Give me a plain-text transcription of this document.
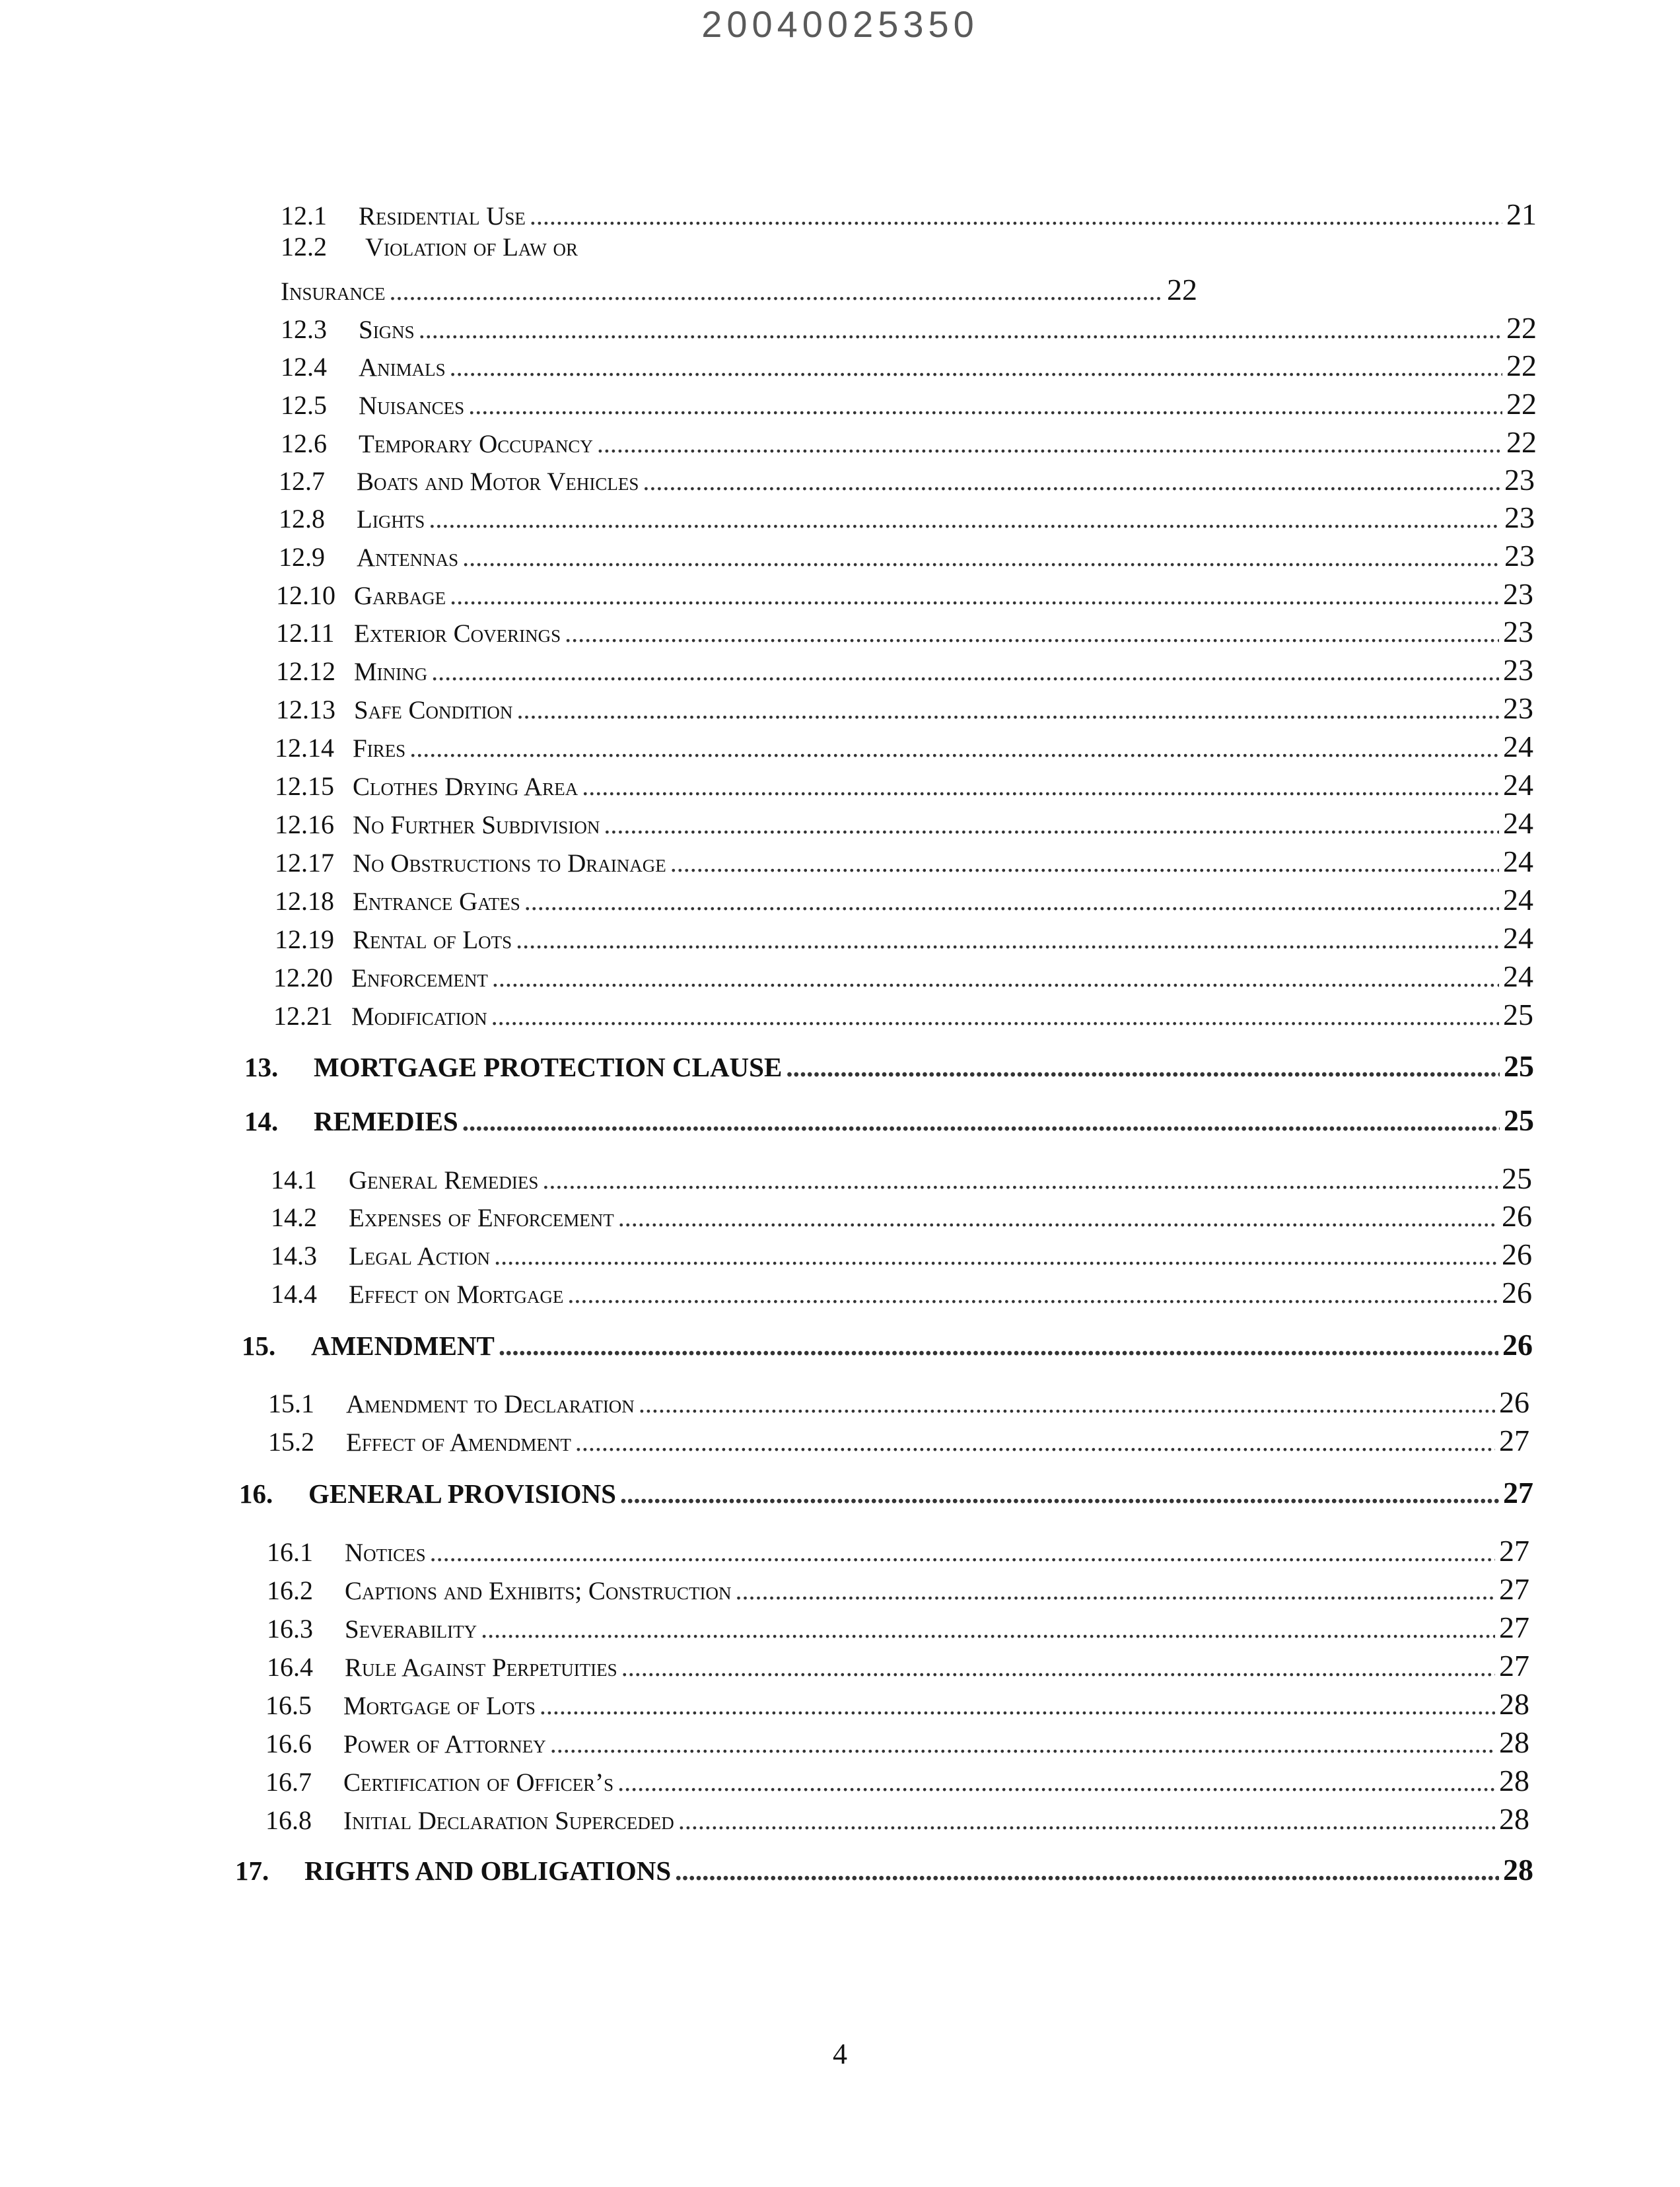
20040025350
12.1	Residential Use .....	21
12.2 Violation of Law or
Insurance .....	22
12.3	Signs .....	22
12.4	Animals .....	22
12.5	Nuisances .....	22
12.6	Temporary Occupancy .....	22
12.7	Boats and Motor Vehicles .....	23
12.8	Lights .....	23
12.9	Antennas .....	23
12.10 Garbage .....	23
12.11 Exterior Coverings .....	23
12.12 Mining .....	23
12.13 Safe Condition .....	23
12.14 Fires .....	24
12.15 Clothes Drying Area .....	24
12.16 No Further Subdivision .....	24
12.17 No Obstructions to Drainage .....	24
12.18 Entrance Gates .....	24
12.19 Rental of Lots .....	24
12.20 Enforcement .....	24
12.21 Modification .....	25
13.	MORTGAGE PROTECTION CLAUSE .....	25
14.	REMEDIES .....	25
14.1	General Remedies .....	25
14.2	Expenses of Enforcement .....	26
14.3	Legal Action .....	26
14.4	Effect on Mortgage .....	26
15.	AMENDMENT .....	26
15.1	Amendment to Declaration .....	26
15.2	Effect of Amendment .....	27
16.	GENERAL PROVISIONS .....	27
16.1	Notices .....	27
16.2	Captions and Exhibits; Construction .....	27
16.3	Severability .....	27
16.4	Rule Against Perpetuities .....	27
16.5	Mortgage of Lots .....	28
16.6	Power of Attorney .....	28
16.7	Certification of Officer’s .....	28
16.8	Initial Declaration Superceded .....	28
17.	RIGHTS AND OBLIGATIONS .....	28
4
